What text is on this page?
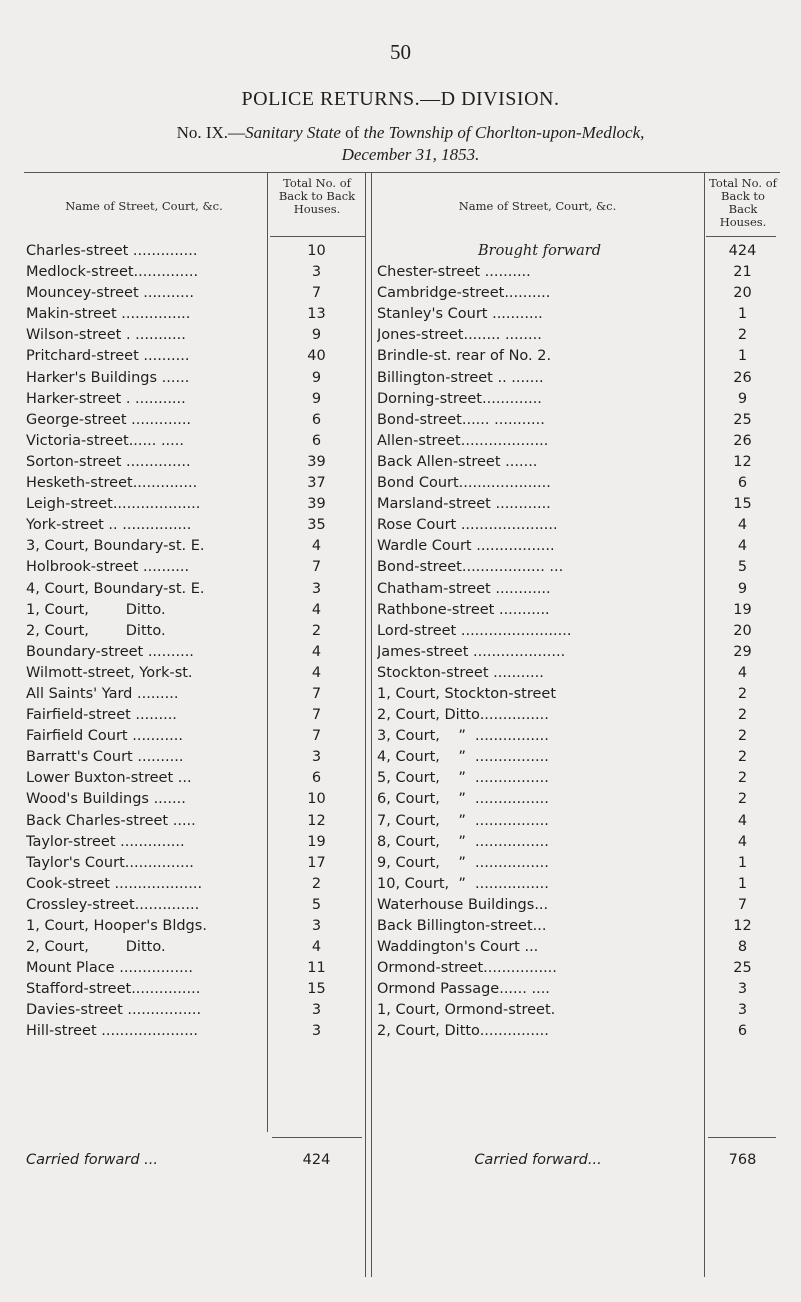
50
POLICE RETURNS.—D DIVISION.
No. IX.—Sanitary State of the Township of Chorlton-upon-Medlock,
December 31, 1853.
Name of Street, Court, &c.
Total No. of Back to Back Houses.	Name of Street, Court, &c.
Total No. of Back to Back Houses.
Charles-street ..............	10
Medlock-street..............	3
Mouncey-street ...........	7
Makin-street ...............	13
Wilson-street . ...........	9
Pritchard-street ..........	40
Harker's Buildings ......	9
Harker-street . ...........	9
George-street .............	6
Victoria-street...... .....	6
Sorton-street ..............	39
Hesketh-street..............	37
Leigh-street...................	39
York-street .. ...............	35
3, Court, Boundary-st. E.	4
Holbrook-street ..........	7
4, Court, Boundary-st. E.	3
1, Court,        Ditto.	4
2, Court,        Ditto.	2
Boundary-street ..........	4
Wilmott-street, York-st.	4
All Saints' Yard .........	7
Fairfield-street .........	7
Fairfield Court ...........	7
Barratt's Court ..........	3
Lower Buxton-street ...	6
Wood's Buildings .......	10
Back Charles-street .....	12
Taylor-street ..............	19
Taylor's Court...............	17
Cook-street ...................	2
Crossley-street..............	5
1, Court, Hooper's Bldgs.	3
2, Court,        Ditto.	4
Mount Place ................	11
Stafford-street...............	15
Davies-street ................	3
Hill-street .....................	3
Brought forward	424
Chester-street ..........	21
Cambridge-street..........	20
Stanley's Court ...........	1
Jones-street........ ........	2
Brindle-st. rear of No. 2.	1
Billington-street .. .......	26
Dorning-street.............	9
Bond-street...... ...........	25
Allen-street...................	26
Back Allen-street .......	12
Bond Court....................	6
Marsland-street ............	15
Rose Court .....................	4
Wardle Court .................	4
Bond-street.................. ...	5
Chatham-street ............	9
Rathbone-street ...........	19
Lord-street ........................	20
James-street ....................	29
Stockton-street ...........	4
1, Court, Stockton-street	2
2, Court, Ditto...............	2
3, Court,    ”  ................	2
4, Court,    ”  ................	2
5, Court,    ”  ................	2
6, Court,    ”  ................	2
7, Court,    ”  ................	4
8, Court,    ”  ................	4
9, Court,    ”  ................	1
10, Court,  ”  ................	1
Waterhouse Buildings...	7
Back Billington-street...	12
Waddington's Court ...	8
Ormond-street................	25
Ormond Passage...... ....	3
1, Court, Ormond-street.	3
2, Court, Ditto...............	6
Carried forward ...	424	Carried forward...	768
